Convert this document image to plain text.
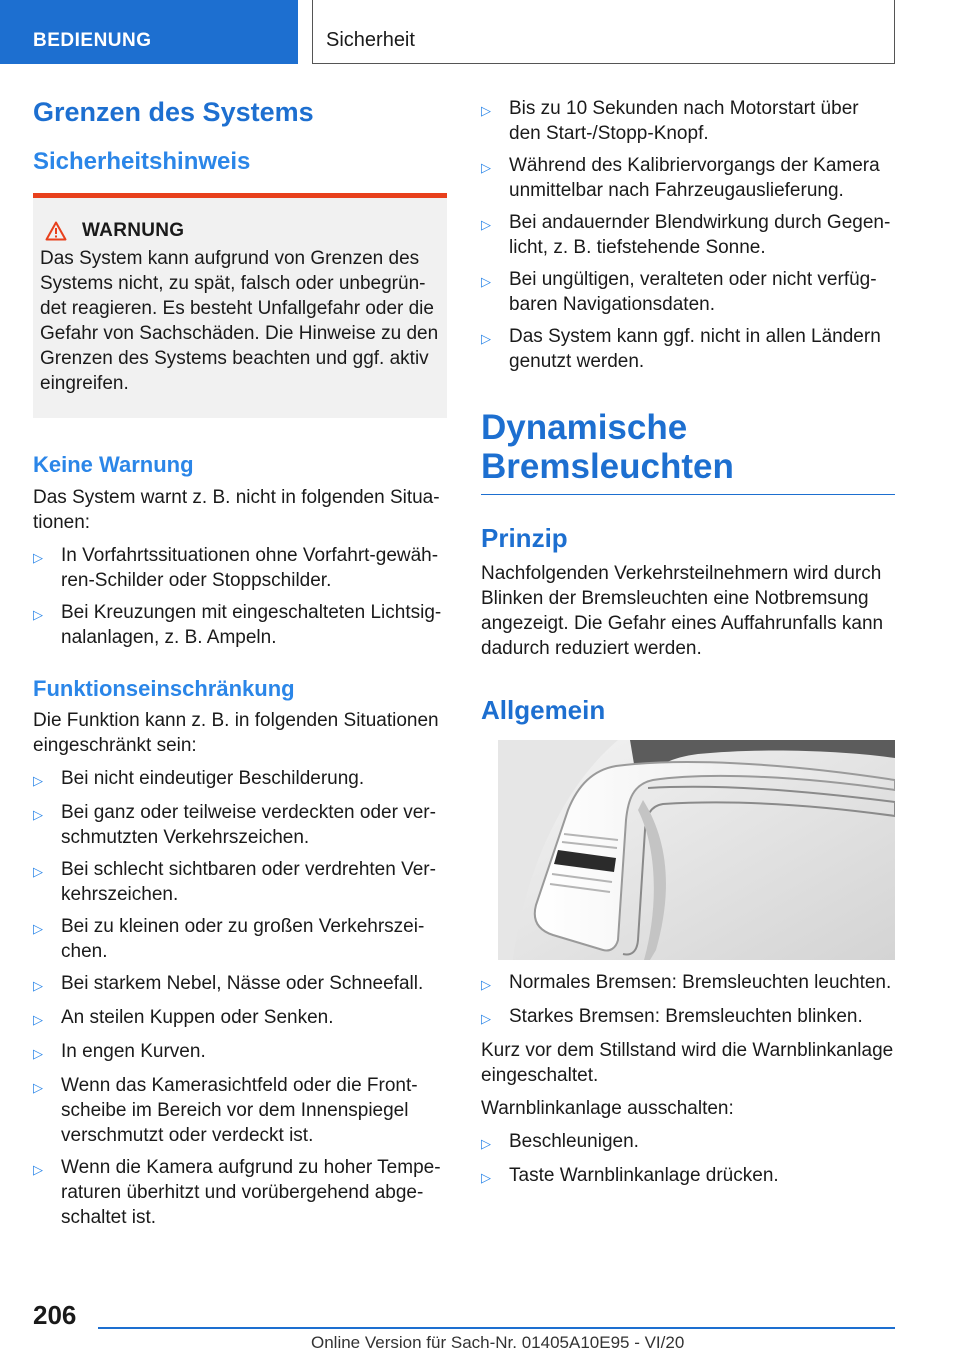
BEDIENUNG	Sicherheit
Grenzen des Systems
Sicherheitshinweis
WARNUNG
Das System kann aufgrund von Grenzen des Systems nicht, zu spät, falsch oder unbegründet reagieren. Es besteht Unfallgefahr oder die Gefahr von Sachschäden. Die Hinweise zu den Grenzen des Systems beachten und ggf. aktiv eingreifen.
Keine Warnung
Das System warnt z. B. nicht in folgenden Situationen:
▷ In Vorfahrtssituationen ohne Vorfahrt-gewähren-Schilder oder Stoppschilder.
▷ Bei Kreuzungen mit eingeschalteten Lichtsignalanlagen, z. B. Ampeln.
Funktionseinschränkung
Die Funktion kann z. B. in folgenden Situationen eingeschränkt sein:
▷ Bei nicht eindeutiger Beschilderung.
▷ Bei ganz oder teilweise verdeckten oder verschmutzten Verkehrszeichen.
▷ Bei schlecht sichtbaren oder verdrehten Verkehrszeichen.
▷ Bei zu kleinen oder zu großen Verkehrszeichen.
▷ Bei starkem Nebel, Nässe oder Schneefall.
▷ An steilen Kuppen oder Senken.
▷ In engen Kurven.
▷ Wenn das Kamerasichtfeld oder die Frontscheibe im Bereich vor dem Innenspiegel verschmutzt oder verdeckt ist.
▷ Wenn die Kamera aufgrund zu hoher Temperaturen überhitzt und vorübergehend abgeschaltet ist.
▷ Bis zu 10 Sekunden nach Motorstart über den Start-/Stopp-Knopf.
▷ Während des Kalibriervorgangs der Kamera unmittelbar nach Fahrzeugauslieferung.
▷ Bei andauernder Blendwirkung durch Gegenlicht, z. B. tiefstehende Sonne.
▷ Bei ungültigen, veralteten oder nicht verfügbaren Navigationsdaten.
▷ Das System kann ggf. nicht in allen Ländern genutzt werden.
Dynamische Bremsleuchten
Prinzip
Nachfolgenden Verkehrsteilnehmern wird durch Blinken der Bremsleuchten eine Notbremsung angezeigt. Die Gefahr eines Auffahrunfalls kann dadurch reduziert werden.
Allgemein
▷ Normales Bremsen: Bremsleuchten leuchten.
▷ Starkes Bremsen: Bremsleuchten blinken.
Kurz vor dem Stillstand wird die Warnblinkanlage eingeschaltet.
Warnblinkanlage ausschalten:
▷ Beschleunigen.
▷ Taste Warnblinkanlage drücken.
206
Online Version für Sach-Nr. 01405A10E95 - VI/20
